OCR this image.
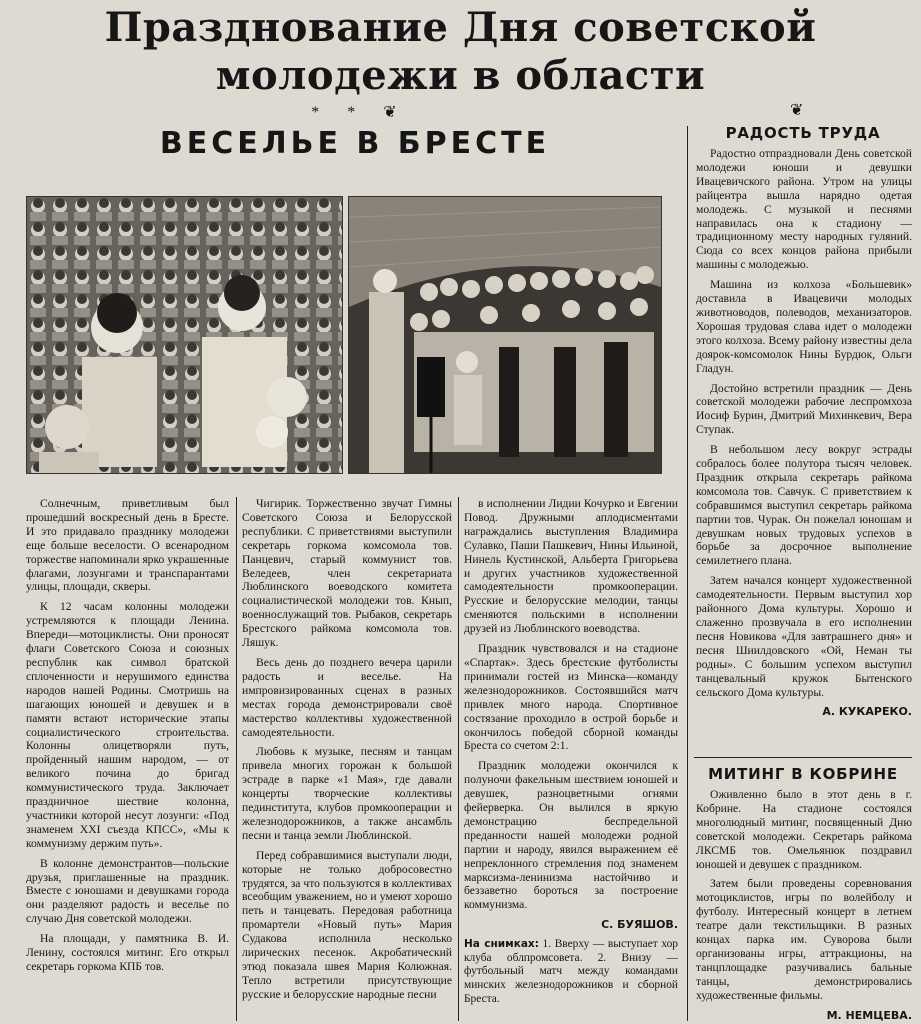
Празднование Дня советской
молодежи в области
* * ❦	❦
ВЕСЕЛЬЕ В БРЕСТЕ

Солнечным, приветливым был прошедший воскресный день в Бресте. И это придавало празднику молодежи еще больше веселости. О всенародном торжестве напоминали ярко украшенные флагами, лозунгами и транспарантами улицы, площади, скверы.

К 12 часам колонны молодежи устремляются к площади Ленина. Впереди—мотоциклисты. Они проносят флаги Советского Союза и союзных республик как символ братской сплоченности и нерушимого единства народов нашей Родины. Смотришь на шагающих юношей и девушек и в памяти встают исторические этапы социалистического строительства. Колонны олицетворяли путь, пройденный нашим народом, — от великого почина до бригад коммунистического труда. Заключает праздничное шествие колонна, участники которой несут лозунги: «Под знаменем XXI съезда КПСС», «Мы к коммунизму держим путь».

В колонне демонстрантов—польские друзья, приглашенные на праздник. Вместе с юношами и девушками города они разделяют радость и веселье по случаю Дня советской молодежи.

На площади, у памятника В. И. Ленину, состоялся митинг. Его открыл секретарь горкома КПБ тов.

Чигирик. Торжественно звучат Гимны Советского Союза и Белорусской республики. С приветствиями выступили секретарь горкома комсомола тов. Панцевич, старый коммунист тов. Веледеев, член секретариата Люблинского воеводского комитета социалистической молодежи тов. Кнып, военнослужащий тов. Рыбаков, секретарь Брестского райкома комсомола тов. Ляшук.

Весь день до позднего вечера царили радость и веселье. На импровизированных сценах в разных местах города демонстрировали своё мастерство коллективы художественной самодеятельности.

Любовь к музыке, песням и танцам привела многих горожан к большой эстраде в парке «1 Мая», где давали концерты творческие коллективы пединститута, клубов промкооперации и железнодорожников, а также ансамбль песни и танца земли Люблинской.

Перед собравшимися выступали люди, которые не только добросовестно трудятся, за что пользуются в коллективах всеобщим уважением, но и умеют хорошо петь и танцевать. Передовая работница промартели «Новый путь» Мария Судакова исполнила несколько лирических песенок. Акробатический этюд показала швея Мария Колюжная. Тепло встретили присутствующие русские и белорусские народные песни

в исполнении Лидии Кочурко и Евгении Повод. Дружными аплодисментами награждались выступления Владимира Сулавко, Паши Пашкевич, Нины Ильиной, Нинель Кустинской, Альберта Григорьева и других участников художественной самодеятельности промкооперации. Русские и белорусские мелодии, танцы сменяются польскими в исполнении друзей из Люблинского воеводства.

Праздник чувствовался и на стадионе «Спартак». Здесь брестские футболисты принимали гостей из Минска—команду железнодорожников. Состоявшийся матч привлек много народа. Спортивное состязание проходило в острой борьбе и окончилось победой сборной команды Бреста со счетом 2:1.

Праздник молодежи окончился к полуночи факельным шествием юношей и девушек, разноцветными огнями фейерверка. Он вылился в яркую демонстрацию беспредельной преданности нашей молодежи родной партии и народу, явился выражением её непреклонного стремления под знаменем марксизма-ленинизма настойчиво и беззаветно бороться за построение коммунизма.

С. БУЯШОВ.

На снимках: 1. Вверху — выступает хор клуба облпромсовета. 2. Внизу — футбольный матч между командами минских железнодорожников и сборной Бреста.
РАДОСТЬ ТРУДА

Радостно отпраздновали День советской молодежи юноши и девушки Ивацевичского района. Утром на улицы райцентра вышла нарядно одетая молодежь. С музыкой и песнями направилась она к стадиону — традиционному месту народных гуляний. Сюда со всех концов района прибыли машины с молодежью.

Машина из колхоза «Большевик» доставила в Ивацевичи молодых животноводов, полеводов, механизаторов. Хорошая трудовая слава идет о молодежи этого колхоза. Всему району известны дела доярок-комсомолок Нины Бурдюк, Ольги Гладун.

Достойно встретили праздник — День советской молодежи рабочие леспромхоза Иосиф Бурин, Дмитрий Михинкевич, Вера Ступак.

В небольшом лесу вокруг эстрады собралось более полутора тысяч человек. Праздник открыла секретарь райкома комсомола тов. Савчук. С приветствием к собравшимся выступил секретарь райкома партии тов. Чурак. Он пожелал юношам и девушкам новых трудовых успехов в борьбе за досрочное выполнение семилетнего плана.

Затем начался концерт художественной самодеятельности. Первым выступил хор районного Дома культуры. Хорошо и слаженно прозвучала в его исполнении песня Новикова «Для завтрашнего дня» и песня Шиилдовского «Ой, Неман ты родны». С большим успехом выступил танцевальный кружок Бытенского сельского Дома культуры.

А. КУКАРЕКО.

МИТИНГ В КОБРИНЕ

Оживленно было в этот день в г. Кобрине. На стадионе состоялся многолюдный митинг, посвященный Дню советской молодежи. Секретарь райкома ЛКСМБ тов. Омельянюк поздравил юношей и девушек с праздником.

Затем были проведены соревнования мотоциклистов, игры по волейболу и футболу. Интересный концерт в летнем театре дали текстильщики. В разных концах парка им. Суворова были организованы игры, аттракционы, на танцплощадке разучивались бальные танцы, демонстрировались художественные фильмы.

М. НЕМЦЕВА.
